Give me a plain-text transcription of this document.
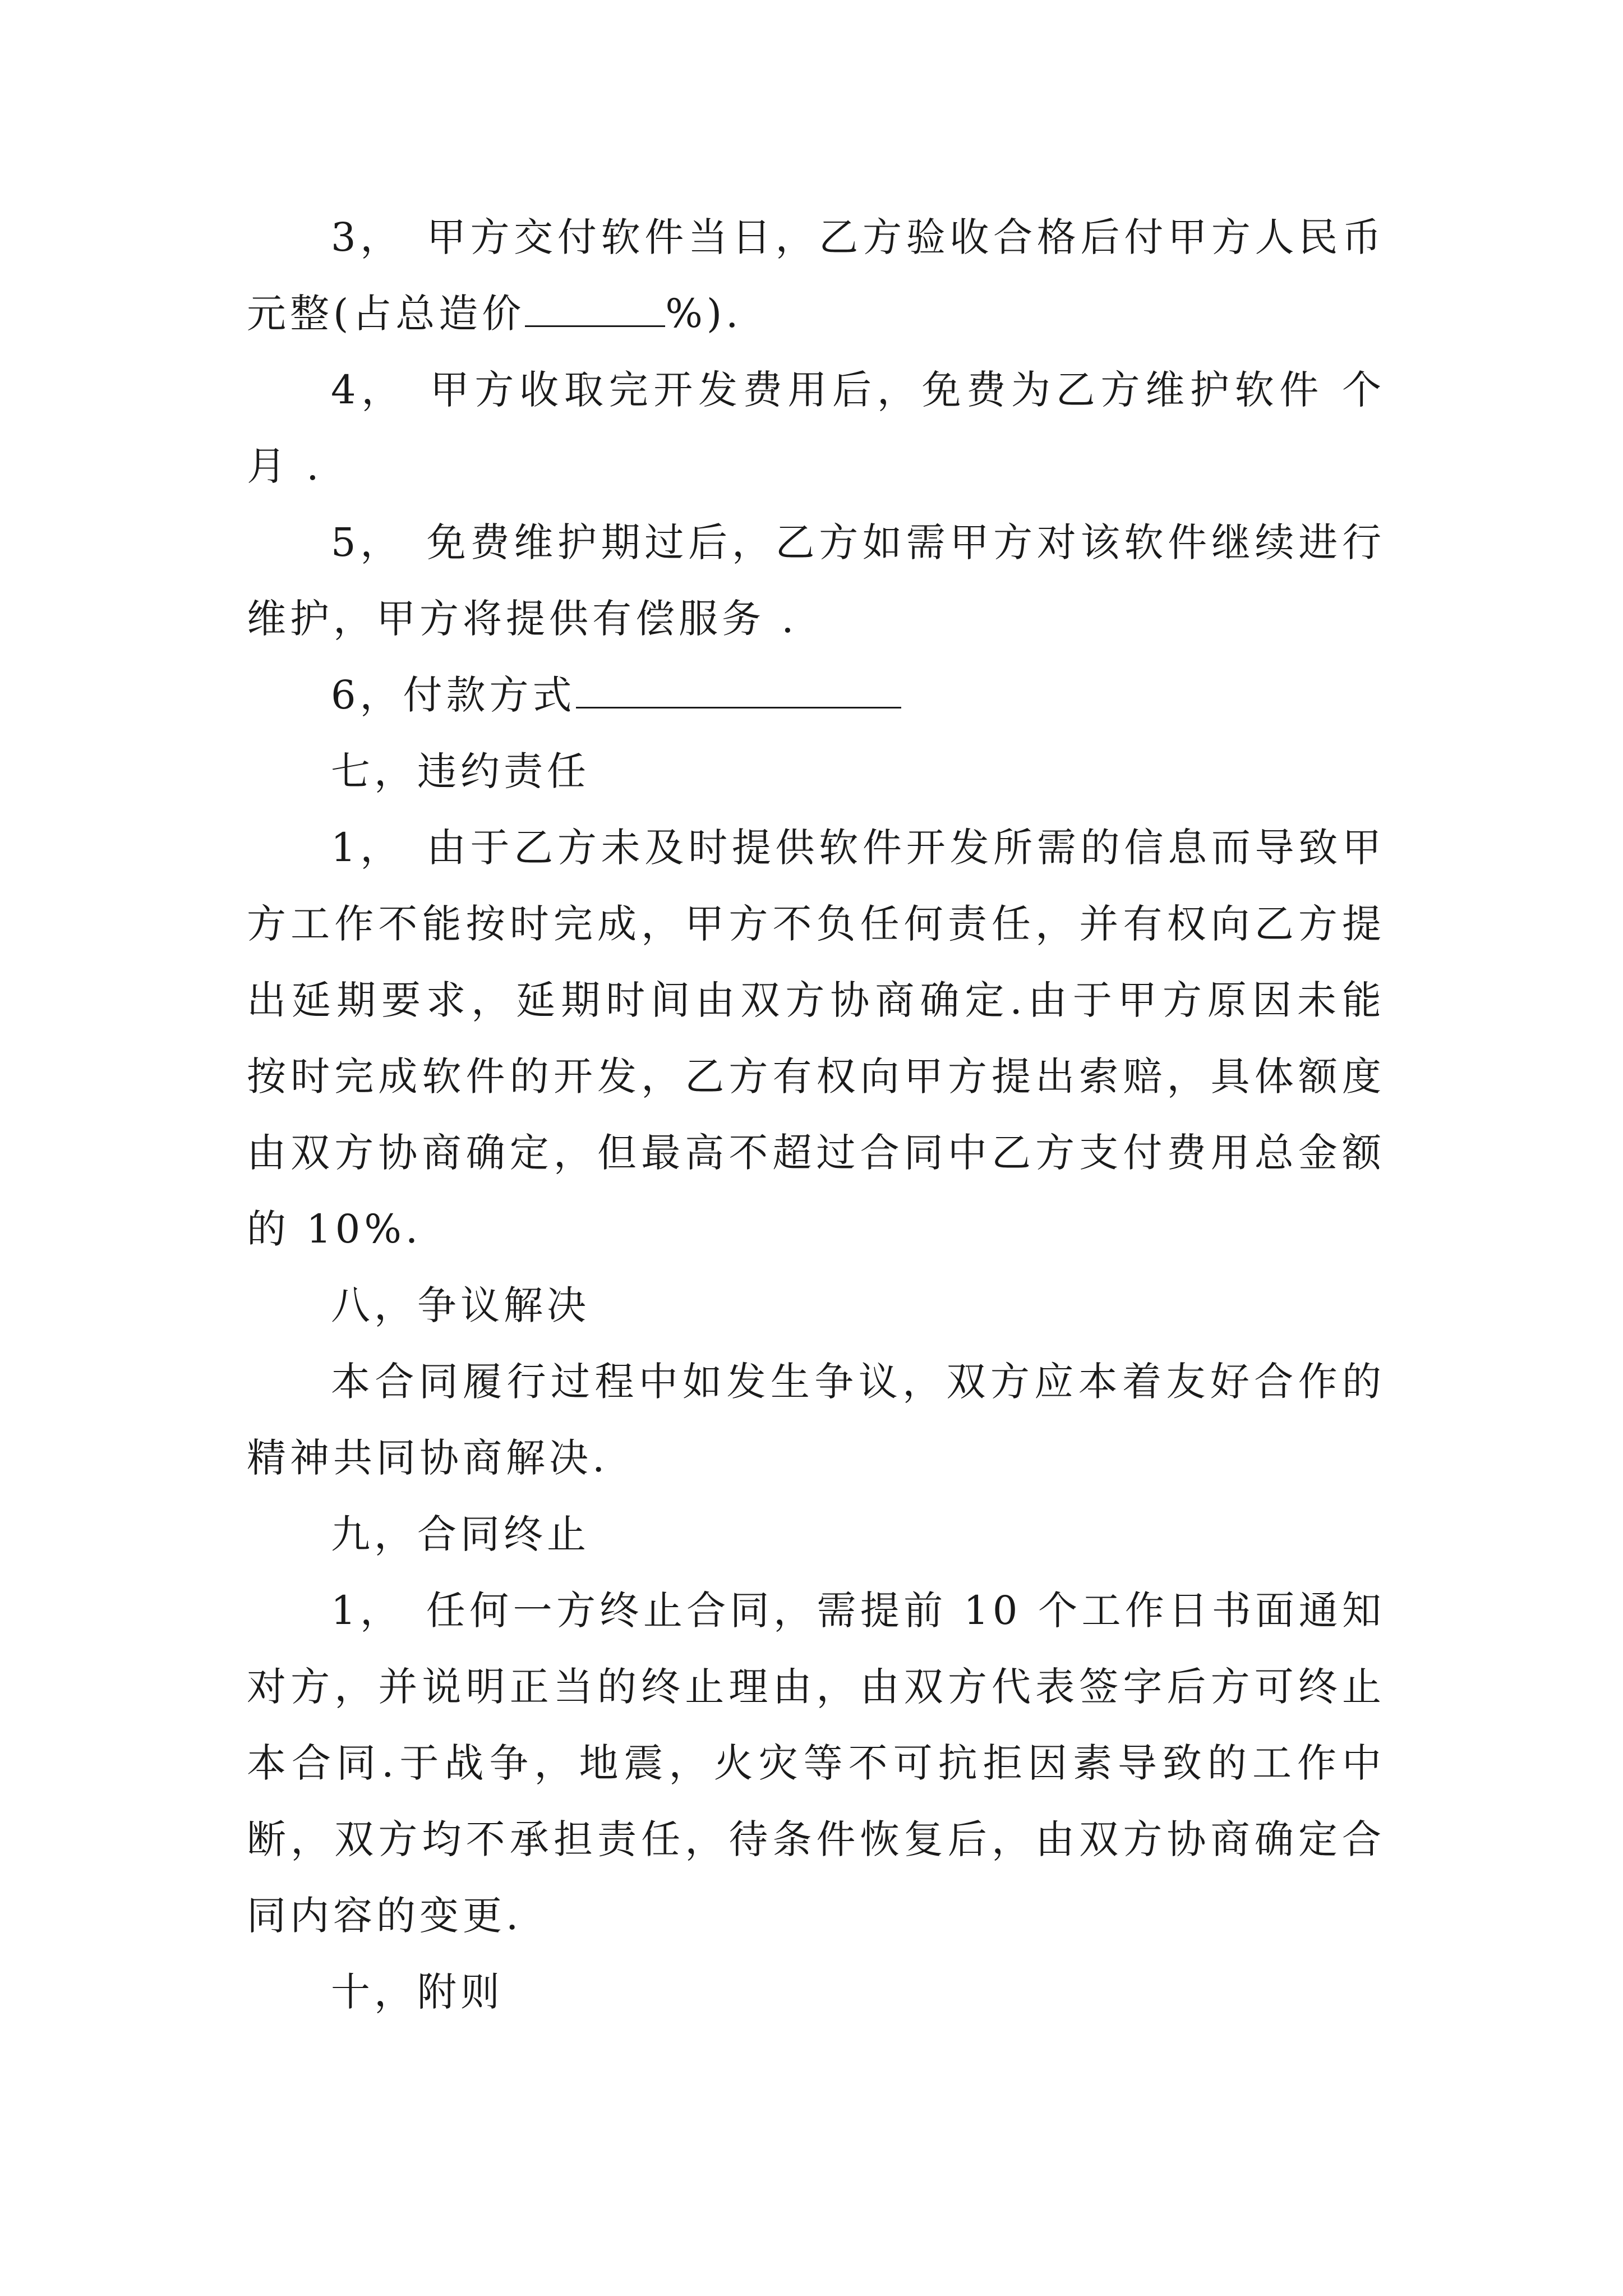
3， 甲方交付软件当日，乙方验收合格后付甲方人民币元整(占总造价	%).

4， 甲方收取完开发费用后，免费为乙方维护软件 个月 .

5， 免费维护期过后，乙方如需甲方对该软件继续进行维护，甲方将提供有偿服务 .

6，付款方式

七，违约责任

1， 由于乙方未及时提供软件开发所需的信息而导致甲方工作不能按时完成，甲方不负任何责任，并有权向乙方提出延期要求，延期时间由双方协商确定.由于甲方原因未能按时完成软件的开发，乙方有权向甲方提出索赔，具体额度由双方协商确定，但最高不超过合同中乙方支付费用总金额的 10%.

八，争议解决

本合同履行过程中如发生争议，双方应本着友好合作的精神共同协商解决.

九，合同终止

1， 任何一方终止合同，需提前 10 个工作日书面通知对方，并说明正当的终止理由，由双方代表签字后方可终止本合同.于战争，地震，火灾等不可抗拒因素导致的工作中断，双方均不承担责任，待条件恢复后，由双方协商确定合同内容的变更.

十，附则
